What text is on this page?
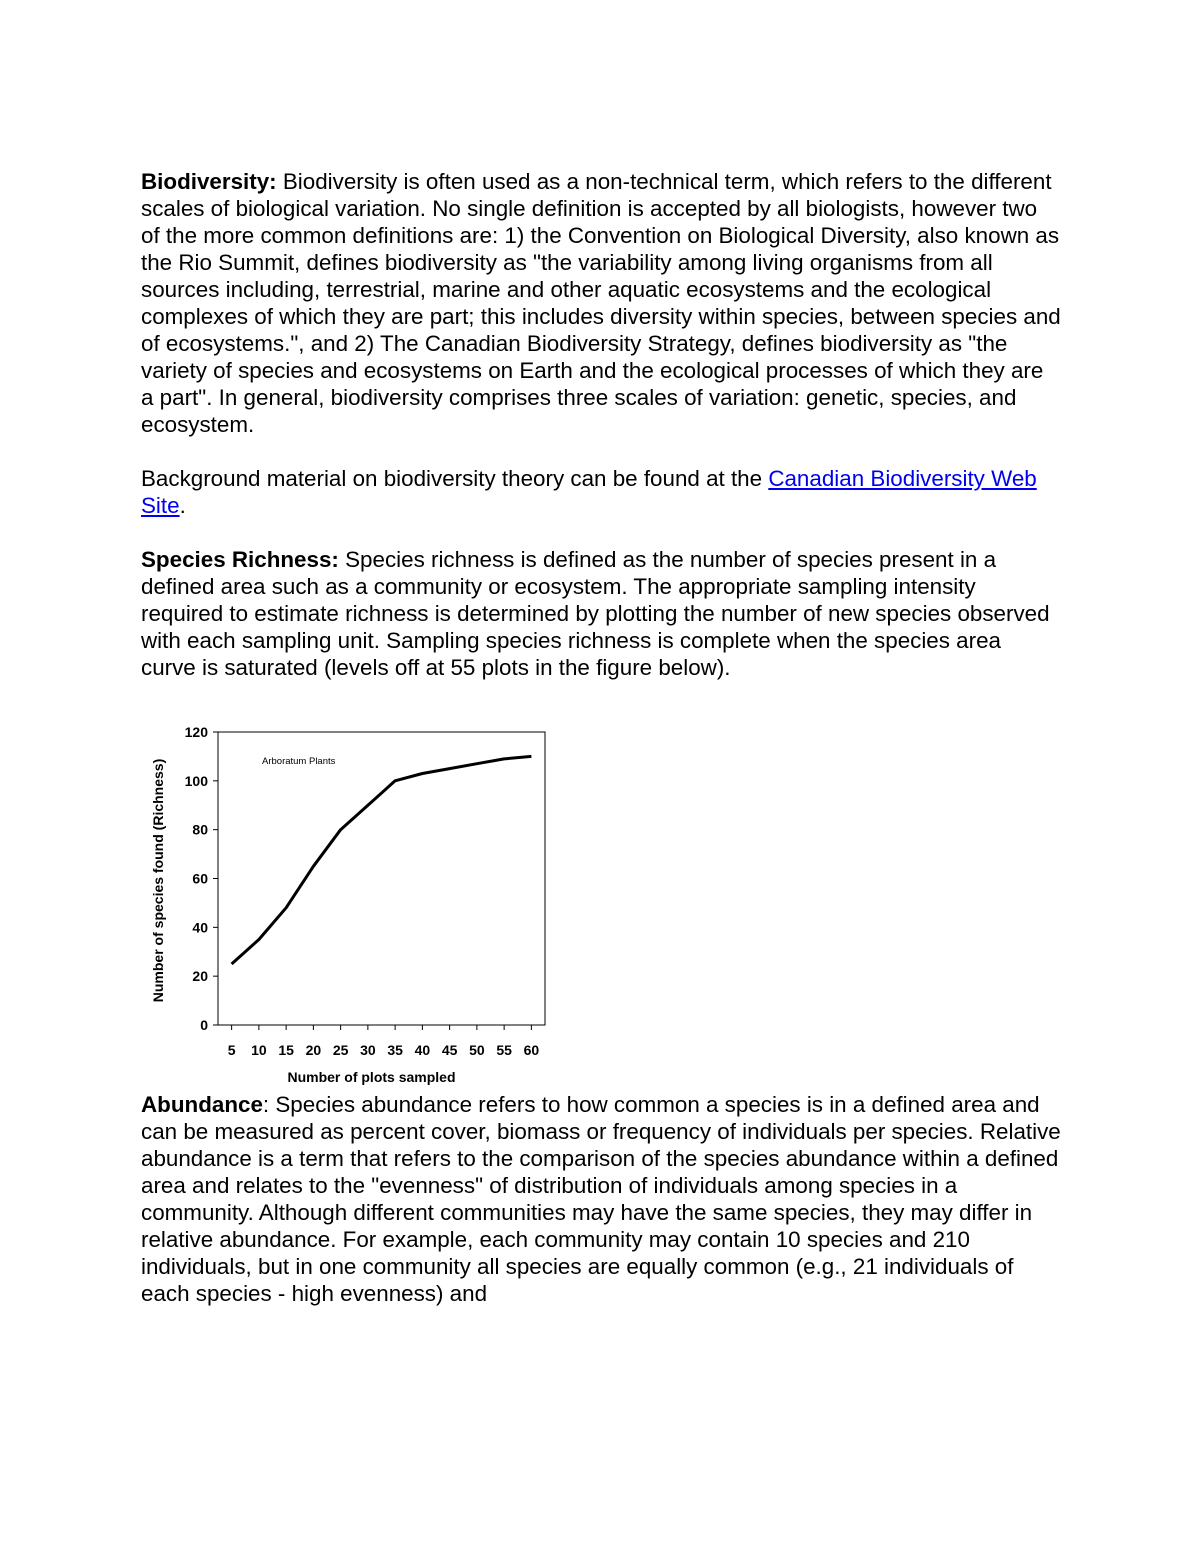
Biodiversity: Biodiversity is often used as a non-technical term, which refers to the different scales of biological variation. No single definition is accepted by all biologists, however two of the more common definitions are: 1) the Convention on Biological Diversity, also known as the Rio Summit, defines biodiversity as "the variability among living organisms from all sources including, terrestrial, marine and other aquatic ecosystems and the ecological complexes of which they are part; this includes diversity within species, between species and of ecosystems.", and 2) The Canadian Biodiversity Strategy, defines biodiversity as "the variety of species and ecosystems on Earth and the ecological processes of which they are a part". In general, biodiversity comprises three scales of variation: genetic, species, and ecosystem.

Background material on biodiversity theory can be found at the Canadian Biodiversity Web Site.

Species Richness: Species richness is defined as the number of species present in a defined area such as a community or ecosystem. The appropriate sampling intensity required to estimate richness is determined by plotting the number of new species observed with each sampling unit. Sampling species richness is complete when the species area curve is saturated (levels off at 55 plots in the figure below).

0
20
40
60
80
100
120
5 10 15 20 25 30 35 40 45 50 55 60
Arboratum Plants
Number of plots sampled
Number of species found (Richness)

Abundance: Species abundance refers to how common a species is in a defined area and can be measured as percent cover, biomass or frequency of individuals per species. Relative abundance is a term that refers to the comparison of the species abundance within a defined area and relates to the "evenness" of distribution of individuals among species in a community. Although different communities may have the same species, they may differ in relative abundance. For example, each community may contain 10 species and 210 individuals, but in one community all species are equally common (e.g., 21 individuals of each species - high evenness) and
